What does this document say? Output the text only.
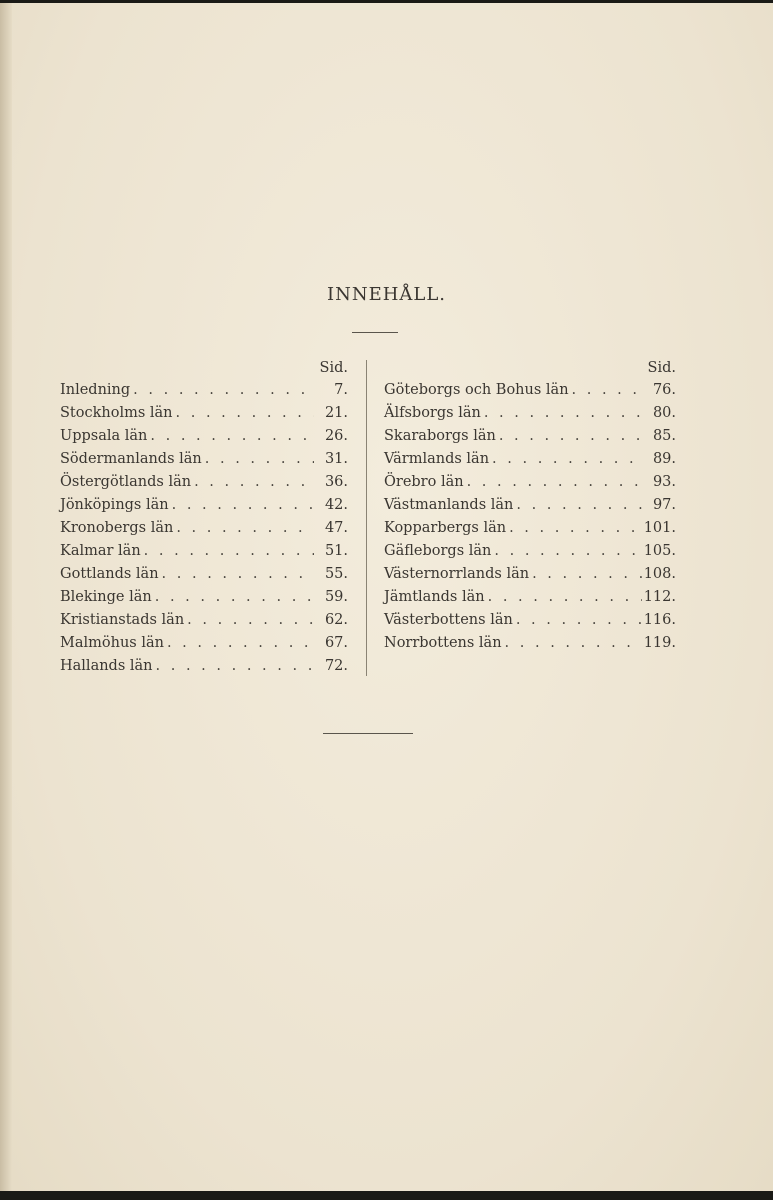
INNEHÅLL.
Sid.
Inledning . . .	7.
Stockholms län . . .	21.
Uppsala län . . .	26.
Södermanlands län . . .	31.
Östergötlands län . . .	36.
Jönköpings län . . .	42.
Kronobergs län . . .	47.
Kalmar län . . .	51.
Gottlands län . . .	55.
Blekinge län . . .	59.
Kristianstads län . . .	62.
Malmöhus län . . .	67.
Hallands län . . .	72.
Sid.
Göteborgs och Bohus län . . .	76.
Älfsborgs län . . .	80.
Skaraborgs län . . .	85.
Värmlands län . . .	89.
Örebro län . . .	93.
Västmanlands län . . .	97.
Kopparbergs län . . .	101.
Gäfleborgs län . . .	105.
Västernorrlands län . . .	108.
Jämtlands län . . .	112.
Västerbottens län . . .	116.
Norrbottens län . . .	119.
